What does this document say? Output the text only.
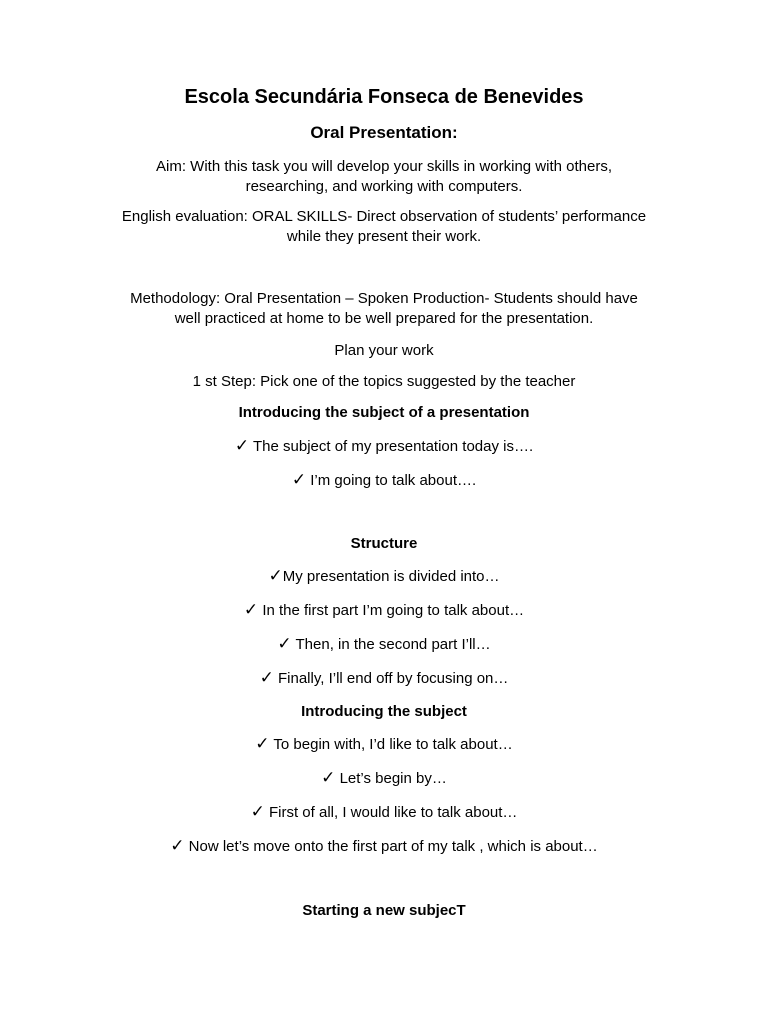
Escola Secundária Fonseca de Benevides
Oral Presentation:
Aim: With this task you will develop your skills in working with others,
researching, and working with computers.
English evaluation: ORAL SKILLS- Direct observation of students’ performance
while they present their work.
Methodology: Oral Presentation – Spoken Production- Students should have
well practiced at home to be well prepared for the presentation.
Plan your work
1 st Step: Pick one of the topics suggested by the teacher
Introducing the subject of a presentation
✓ The subject of my presentation today is….
✓ I’m going to talk about….
Structure
✓My presentation is divided into…
✓ In the first part I’m going to talk about…
✓ Then, in the second part I’ll…
✓ Finally, I’ll end off by focusing on…
Introducing the subject
✓ To begin with, I’d like to talk about…
✓ Let’s begin by…
✓ First of all, I would like to talk about…
✓ Now let’s move onto the first part of my talk , which is about…
Starting a new subjecT
